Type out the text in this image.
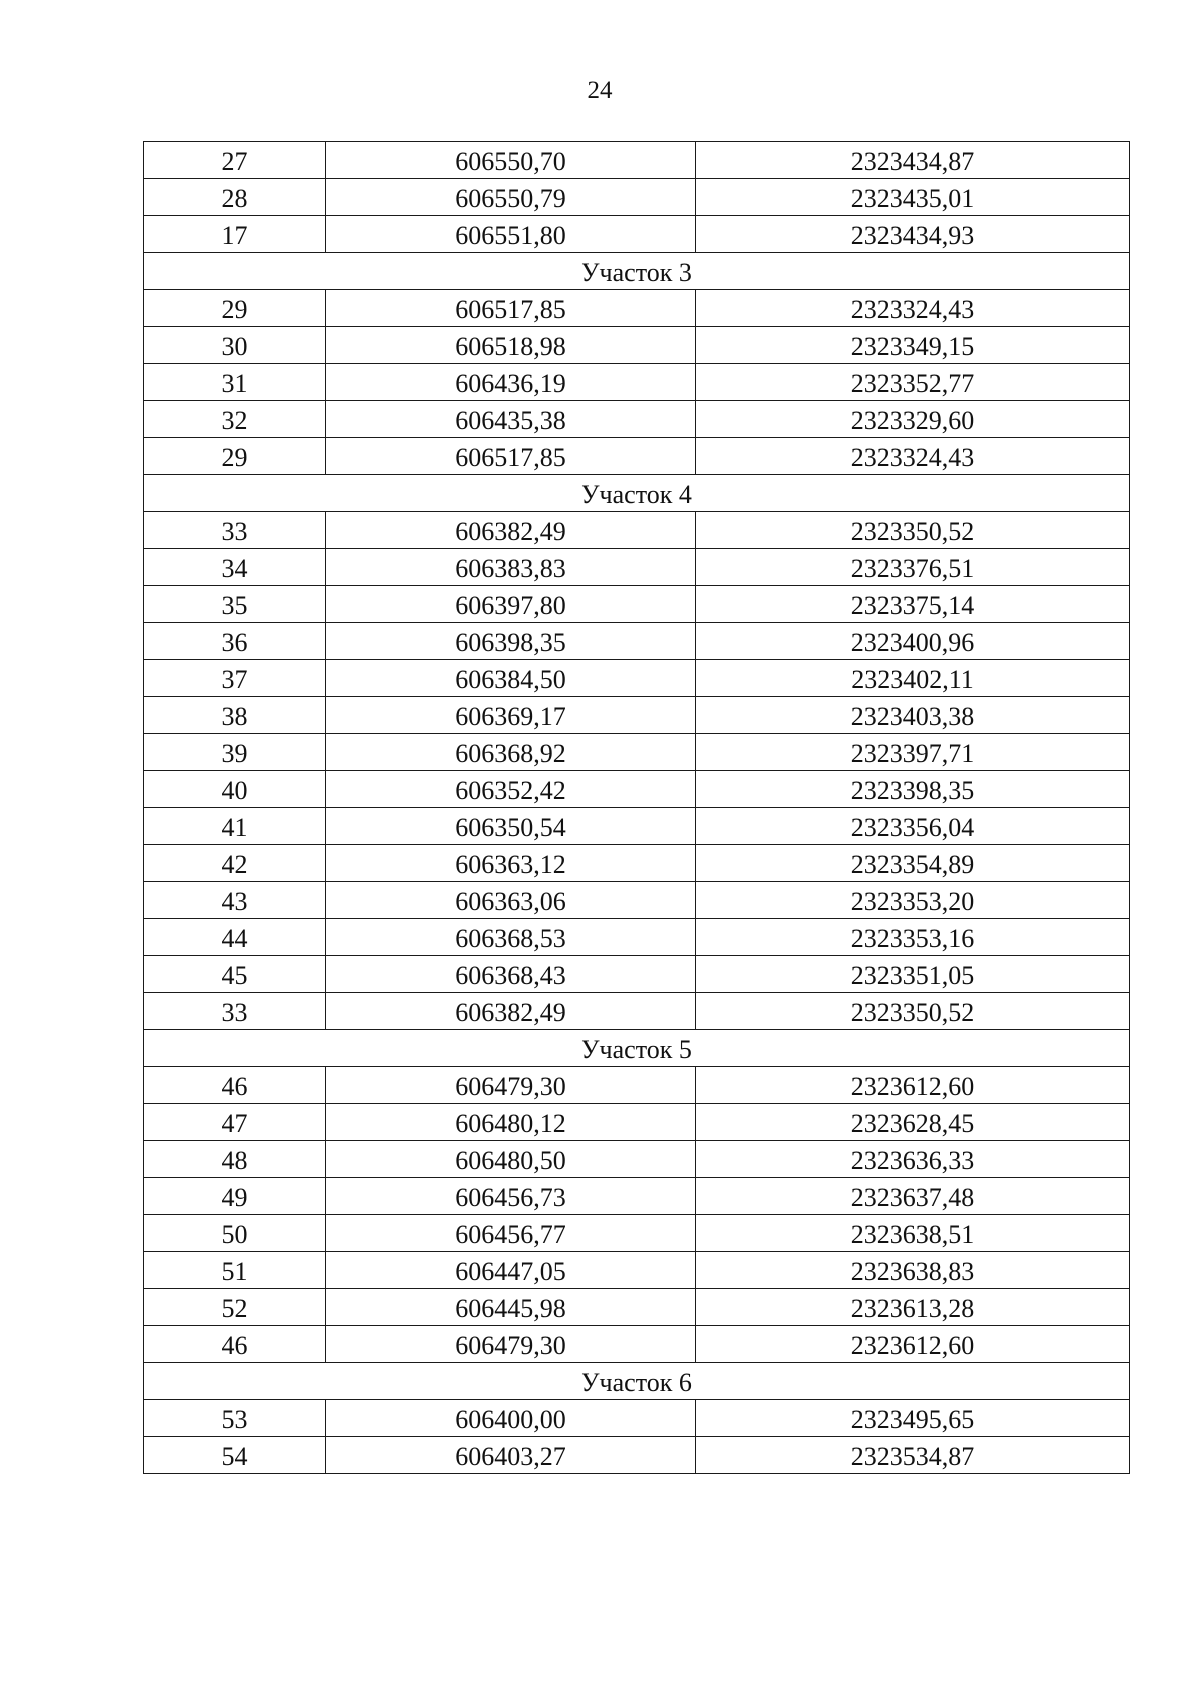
24
27	606550,70	2323434,87
28	606550,79	2323435,01
17	606551,80	2323434,93
Участок 3		
29	606517,85	2323324,43
30	606518,98	2323349,15
31	606436,19	2323352,77
32	606435,38	2323329,60
29	606517,85	2323324,43
Участок 4		
33	606382,49	2323350,52
34	606383,83	2323376,51
35	606397,80	2323375,14
36	606398,35	2323400,96
37	606384,50	2323402,11
38	606369,17	2323403,38
39	606368,92	2323397,71
40	606352,42	2323398,35
41	606350,54	2323356,04
42	606363,12	2323354,89
43	606363,06	2323353,20
44	606368,53	2323353,16
45	606368,43	2323351,05
33	606382,49	2323350,52
Участок 5		
46	606479,30	2323612,60
47	606480,12	2323628,45
48	606480,50	2323636,33
49	606456,73	2323637,48
50	606456,77	2323638,51
51	606447,05	2323638,83
52	606445,98	2323613,28
46	606479,30	2323612,60
Участок 6		
53	606400,00	2323495,65
54	606403,27	2323534,87
